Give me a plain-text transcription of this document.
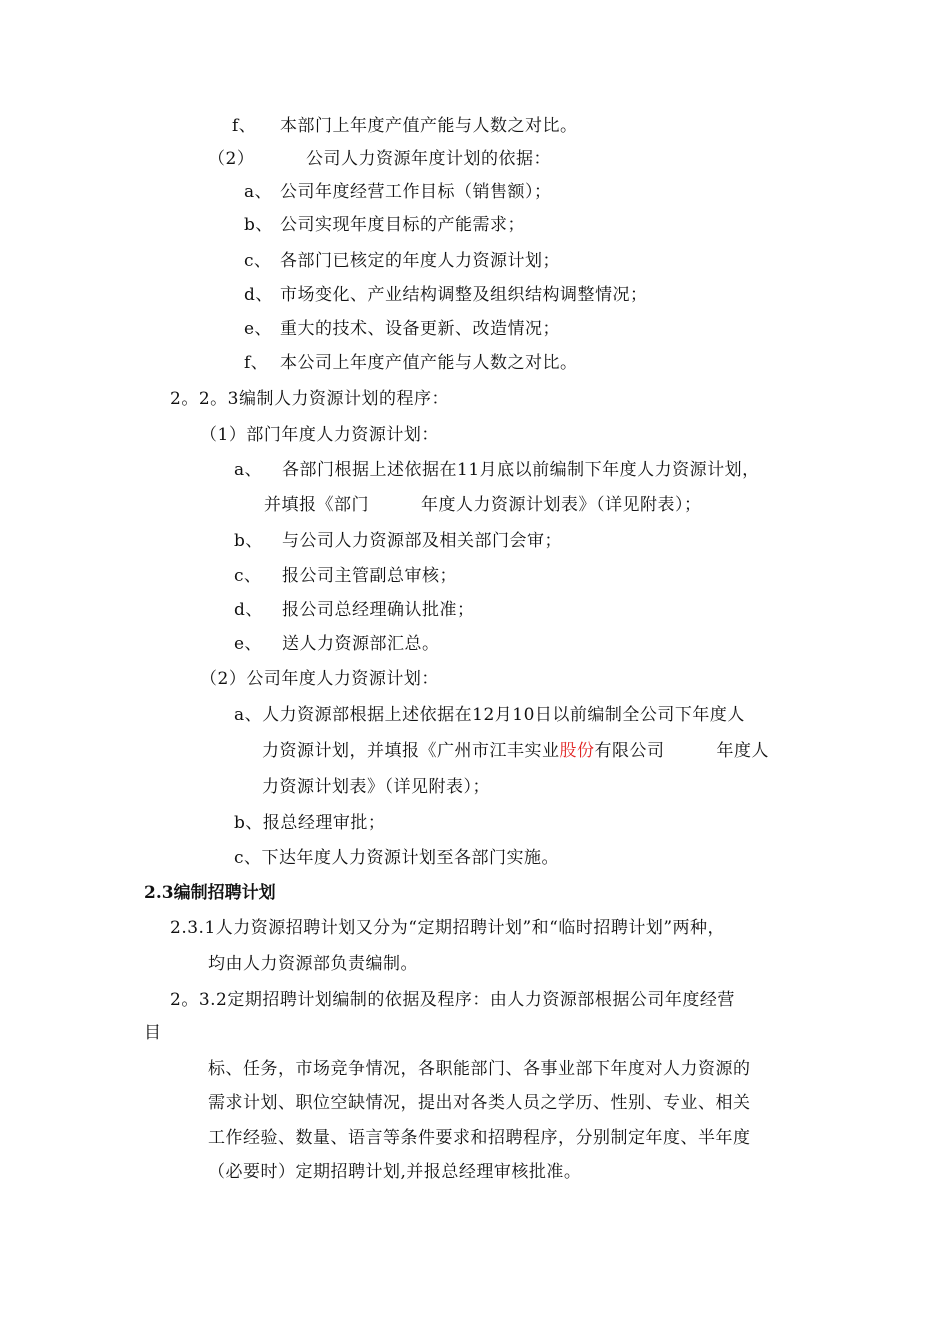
f、 本部门上年度产值产能与人数之对比。
（2）	公司人力资源年度计划的依据：
a、 公司年度经营工作目标（销售额）；
b、 公司实现年度目标的产能需求；
c、 各部门已核定的年度人力资源计划；
d、 市场变化、产业结构调整及组织结构调整情况；
e、 重大的技术、设备更新、改造情况；
f、 本公司上年度产值产能与人数之对比。
2。2。3编制人力资源计划的程序：
（1）部门年度人力资源计划：
a、 各部门根据上述依据在11月底以前编制下年度人力资源计划，
并填报《部门	年度人力资源计划表》（详见附表）；
b、 与公司人力资源部及相关部门会审；
c、 报公司主管副总审核；
d、 报公司总经理确认批准；
e、 送人力资源部汇总。
（2）公司年度人力资源计划：
a、人力资源部根据上述依据在12月10日以前编制全公司下年度人
力资源计划，并填报《广州市江丰实业股份有限公司	年度人
力资源计划表》（详见附表）；
b、报总经理审批；
c、下达年度人力资源计划至各部门实施。
2.3编制招聘计划
2.3.1人力资源招聘计划又分为“定期招聘计划”和“临时招聘计划”两种，
均由人力资源部负责编制。
2。3.2定期招聘计划编制的依据及程序：由人力资源部根据公司年度经营
目
标、任务，市场竞争情况，各职能部门、各事业部下年度对人力资源的
需求计划、职位空缺情况，提出对各类人员之学历、性别、专业、相关
工作经验、数量、语言等条件要求和招聘程序，分别制定年度、半年度
（必要时）定期招聘计划,并报总经理审核批准。
